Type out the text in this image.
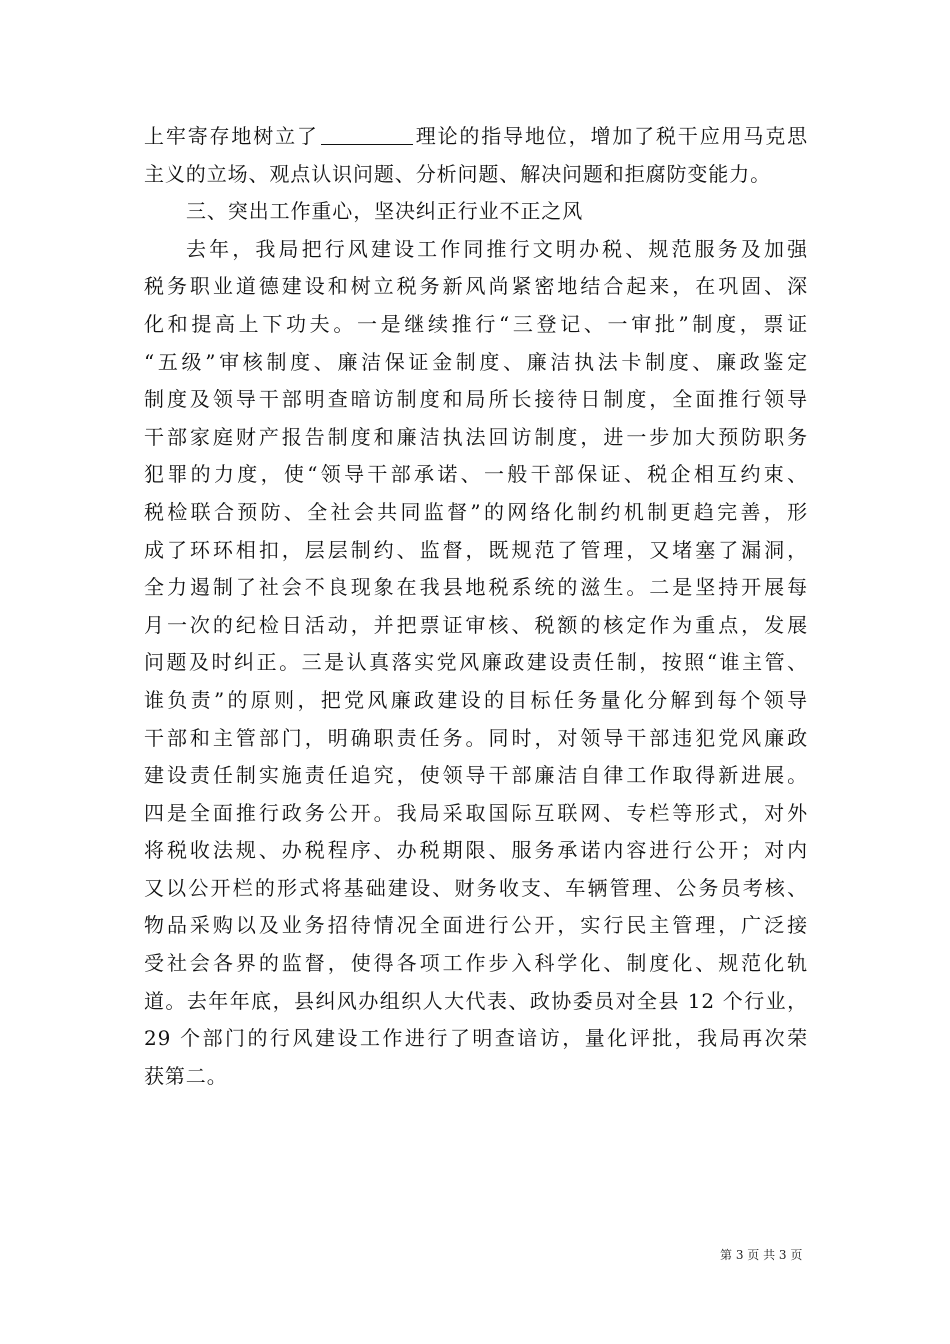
上牢寄存地树立了	理论的指导地位，增加了税干应用马克思
主义的立场、观点认识问题、分析问题、解决问题和拒腐防变能力。
三、突出工作重心，坚决纠正行业不正之风
去年，我局把行风建设工作同推行文明办税、规范服务及加强
税务职业道德建设和树立税务新风尚紧密地结合起来，在巩固、深
化和提高上下功夫。一是继续推行“三登记、一审批”制度，票证
“五级”审核制度、廉洁保证金制度、廉洁执法卡制度、廉政鉴定
制度及领导干部明查暗访制度和局所长接待日制度，全面推行领导
干部家庭财产报告制度和廉洁执法回访制度，进一步加大预防职务
犯罪的力度，使“领导干部承诺、一般干部保证、税企相互约束、
税检联合预防、全社会共同监督”的网络化制约机制更趋完善，形
成了环环相扣，层层制约、监督，既规范了管理，又堵塞了漏洞，
全力遏制了社会不良现象在我县地税系统的滋生。二是坚持开展每
月一次的纪检日活动，并把票证审核、税额的核定作为重点，发展
问题及时纠正。三是认真落实党风廉政建设责任制，按照“谁主管、
谁负责”的原则，把党风廉政建设的目标任务量化分解到每个领导
干部和主管部门，明确职责任务。同时，对领导干部违犯党风廉政
建设责任制实施责任追究，使领导干部廉洁自律工作取得新进展。
四是全面推行政务公开。我局采取国际互联网、专栏等形式，对外
将税收法规、办税程序、办税期限、服务承诺内容进行公开；对内
又以公开栏的形式将基础建设、财务收支、车辆管理、公务员考核、
物品采购以及业务招待情况全面进行公开，实行民主管理，广泛接
受社会各界的监督，使得各项工作步入科学化、制度化、规范化轨
道。去年年底，县纠风办组织人大代表、政协委员对全县 12 个行业，
29 个部门的行风建设工作进行了明查谙访，量化评批，我局再次荣
获第二。
第 3 页 共 3 页
